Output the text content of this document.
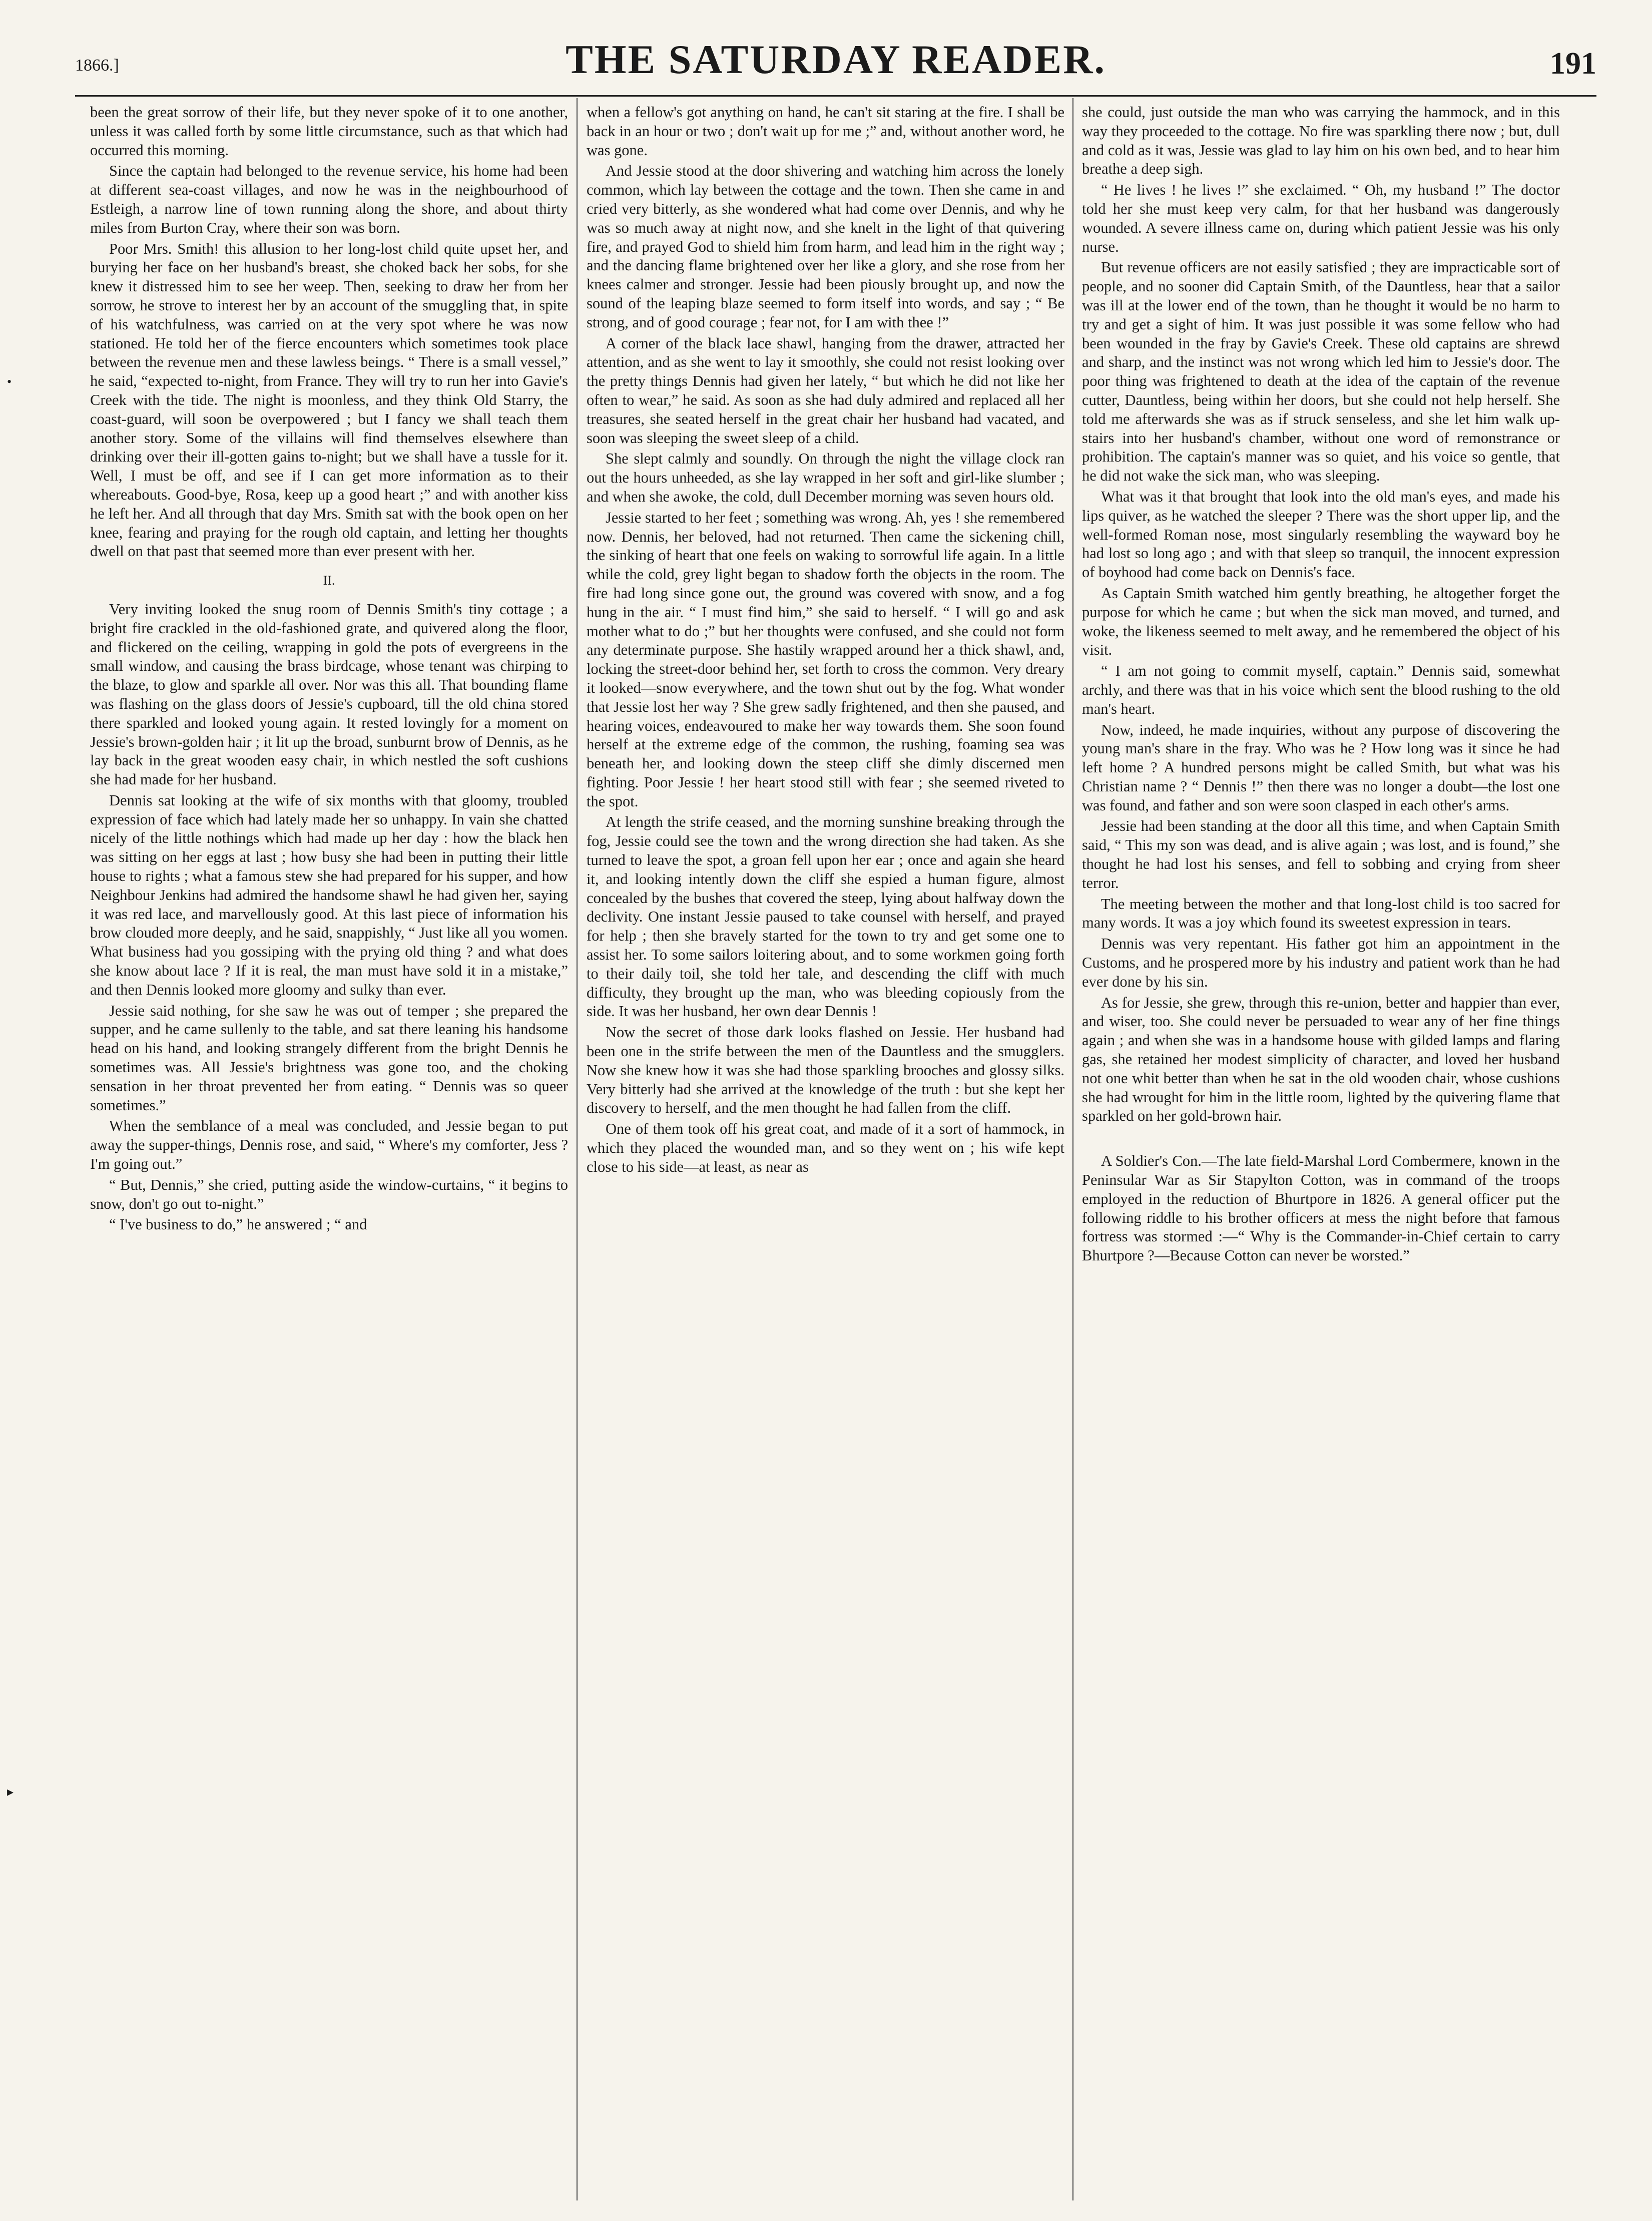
1866.]	THE SATURDAY READER.	191

been the great sorrow of their life, but they never spoke of it to one another, unless it was called forth by some little circumstance, such as that which had occurred this morning.

Since the captain had belonged to the revenue service, his home had been at different sea-coast villages, and now he was in the neighbourhood of Estleigh, a narrow line of town running along the shore, and about thirty miles from Burton Cray, where their son was born.

Poor Mrs. Smith! this allusion to her long-lost child quite upset her, and burying her face on her husband's breast, she choked back her sobs, for she knew it distressed him to see her weep. Then, seeking to draw her from her sorrow, he strove to interest her by an account of the smuggling that, in spite of his watchfulness, was carried on at the very spot where he was now stationed. He told her of the fierce encounters which sometimes took place between the revenue men and these lawless beings. “ There is a small vessel,” he said, “expected to-night, from France. They will try to run her into Gavie's Creek with the tide. The night is moonless, and they think Old Starry, the coast-guard, will soon be overpowered ; but I fancy we shall teach them another story. Some of the villains will find themselves elsewhere than drinking over their ill-gotten gains to-night; but we shall have a tussle for it. Well, I must be off, and see if I can get more information as to their whereabouts. Good-bye, Rosa, keep up a good heart ;” and with another kiss he left her. And all through that day Mrs. Smith sat with the book open on her knee, fearing and praying for the rough old captain, and letting her thoughts dwell on that past that seemed more than ever present with her.

II.

Very inviting looked the snug room of Dennis Smith's tiny cottage ; a bright fire crackled in the old-fashioned grate, and quivered along the floor, and flickered on the ceiling, wrapping in gold the pots of evergreens in the small window, and causing the brass birdcage, whose tenant was chirping to the blaze, to glow and sparkle all over. Nor was this all. That bounding flame was flashing on the glass doors of Jessie's cupboard, till the old china stored there sparkled and looked young again. It rested lovingly for a moment on Jessie's brown-golden hair ; it lit up the broad, sunburnt brow of Dennis, as he lay back in the great wooden easy chair, in which nestled the soft cushions she had made for her husband.

Dennis sat looking at the wife of six months with that gloomy, troubled expression of face which had lately made her so unhappy. In vain she chatted nicely of the little nothings which had made up her day : how the black hen was sitting on her eggs at last ; how busy she had been in putting their little house to rights ; what a famous stew she had prepared for his supper, and how Neighbour Jenkins had admired the handsome shawl he had given her, saying it was red lace, and marvellously good. At this last piece of information his brow clouded more deeply, and he said, snappishly, “ Just like all you women. What business had you gossiping with the prying old thing ? and what does she know about lace ? If it is real, the man must have sold it in a mistake,” and then Dennis looked more gloomy and sulky than ever.

Jessie said nothing, for she saw he was out of temper ; she prepared the supper, and he came sullenly to the table, and sat there leaning his handsome head on his hand, and looking strangely different from the bright Dennis he sometimes was. All Jessie's brightness was gone too, and the choking sensation in her throat prevented her from eating. “ Dennis was so queer sometimes.”

When the semblance of a meal was concluded, and Jessie began to put away the supper-things, Dennis rose, and said, “ Where's my comforter, Jess ? I'm going out.”

“ But, Dennis,” she cried, putting aside the window-curtains, “ it begins to snow, don't go out to-night.”

“ I've business to do,” he answered ; “ and

when a fellow's got anything on hand, he can't sit staring at the fire. I shall be back in an hour or two ; don't wait up for me ;” and, without another word, he was gone.

And Jessie stood at the door shivering and watching him across the lonely common, which lay between the cottage and the town. Then she came in and cried very bitterly, as she wondered what had come over Dennis, and why he was so much away at night now, and she knelt in the light of that quivering fire, and prayed God to shield him from harm, and lead him in the right way ; and the dancing flame brightened over her like a glory, and she rose from her knees calmer and stronger. Jessie had been piously brought up, and now the sound of the leaping blaze seemed to form itself into words, and say ; “ Be strong, and of good courage ; fear not, for I am with thee !”

A corner of the black lace shawl, hanging from the drawer, attracted her attention, and as she went to lay it smoothly, she could not resist looking over the pretty things Dennis had given her lately, “ but which he did not like her often to wear,” he said. As soon as she had duly admired and replaced all her treasures, she seated herself in the great chair her husband had vacated, and soon was sleeping the sweet sleep of a child.

She slept calmly and soundly. On through the night the village clock ran out the hours unheeded, as she lay wrapped in her soft and girl-like slumber ; and when she awoke, the cold, dull December morning was seven hours old.

Jessie started to her feet ; something was wrong. Ah, yes ! she remembered now. Dennis, her beloved, had not returned. Then came the sickening chill, the sinking of heart that one feels on waking to sorrowful life again. In a little while the cold, grey light began to shadow forth the objects in the room. The fire had long since gone out, the ground was covered with snow, and a fog hung in the air. “ I must find him,” she said to herself. “ I will go and ask mother what to do ;” but her thoughts were confused, and she could not form any determinate purpose. She hastily wrapped around her a thick shawl, and, locking the street-door behind her, set forth to cross the common. Very dreary it looked—snow everywhere, and the town shut out by the fog. What wonder that Jessie lost her way ? She grew sadly frightened, and then she paused, and hearing voices, endeavoured to make her way towards them. She soon found herself at the extreme edge of the common, the rushing, foaming sea was beneath her, and looking down the steep cliff she dimly discerned men fighting. Poor Jessie ! her heart stood still with fear ; she seemed riveted to the spot.

At length the strife ceased, and the morning sunshine breaking through the fog, Jessie could see the town and the wrong direction she had taken. As she turned to leave the spot, a groan fell upon her ear ; once and again she heard it, and looking intently down the cliff she espied a human figure, almost concealed by the bushes that covered the steep, lying about halfway down the declivity. One instant Jessie paused to take counsel with herself, and prayed for help ; then she bravely started for the town to try and get some one to assist her. To some sailors loitering about, and to some workmen going forth to their daily toil, she told her tale, and descending the cliff with much difficulty, they brought up the man, who was bleeding copiously from the side. It was her husband, her own dear Dennis !

Now the secret of those dark looks flashed on Jessie. Her husband had been one in the strife between the men of the Dauntless and the smugglers. Now she knew how it was she had those sparkling brooches and glossy silks. Very bitterly had she arrived at the knowledge of the truth : but she kept her discovery to herself, and the men thought he had fallen from the cliff.

One of them took off his great coat, and made of it a sort of hammock, in which they placed the wounded man, and so they went on ; his wife kept close to his side—at least, as near as

she could, just outside the man who was carrying the hammock, and in this way they proceeded to the cottage. No fire was sparkling there now ; but, dull and cold as it was, Jessie was glad to lay him on his own bed, and to hear him breathe a deep sigh.

“ He lives ! he lives !” she exclaimed. “ Oh, my husband !” The doctor told her she must keep very calm, for that her husband was dangerously wounded. A severe illness came on, during which patient Jessie was his only nurse.

But revenue officers are not easily satisfied ; they are impracticable sort of people, and no sooner did Captain Smith, of the Dauntless, hear that a sailor was ill at the lower end of the town, than he thought it would be no harm to try and get a sight of him. It was just possible it was some fellow who had been wounded in the fray by Gavie's Creek. These old captains are shrewd and sharp, and the instinct was not wrong which led him to Jessie's door. The poor thing was frightened to death at the idea of the captain of the revenue cutter, Dauntless, being within her doors, but she could not help herself. She told me afterwards she was as if struck senseless, and she let him walk up-stairs into her husband's chamber, without one word of remonstrance or prohibition. The captain's manner was so quiet, and his voice so gentle, that he did not wake the sick man, who was sleeping.

What was it that brought that look into the old man's eyes, and made his lips quiver, as he watched the sleeper ? There was the short upper lip, and the well-formed Roman nose, most singularly resembling the wayward boy he had lost so long ago ; and with that sleep so tranquil, the innocent expression of boyhood had come back on Dennis's face.

As Captain Smith watched him gently breathing, he altogether forget the purpose for which he came ; but when the sick man moved, and turned, and woke, the likeness seemed to melt away, and he remembered the object of his visit.

“ I am not going to commit myself, captain.” Dennis said, somewhat archly, and there was that in his voice which sent the blood rushing to the old man's heart.

Now, indeed, he made inquiries, without any purpose of discovering the young man's share in the fray. Who was he ? How long was it since he had left home ? A hundred persons might be called Smith, but what was his Christian name ? “ Dennis !” then there was no longer a doubt—the lost one was found, and father and son were soon clasped in each other's arms.

Jessie had been standing at the door all this time, and when Captain Smith said, “ This my son was dead, and is alive again ; was lost, and is found,” she thought he had lost his senses, and fell to sobbing and crying from sheer terror.

The meeting between the mother and that long-lost child is too sacred for many words. It was a joy which found its sweetest expression in tears.

Dennis was very repentant. His father got him an appointment in the Customs, and he prospered more by his industry and patient work than he had ever done by his sin.

As for Jessie, she grew, through this re-union, better and happier than ever, and wiser, too. She could never be persuaded to wear any of her fine things again ; and when she was in a handsome house with gilded lamps and flaring gas, she retained her modest simplicity of character, and loved her husband not one whit better than when he sat in the old wooden chair, whose cushions she had wrought for him in the little room, lighted by the quivering flame that sparkled on her gold-brown hair.

A Soldier's Con.—The late field-Marshal Lord Combermere, known in the Peninsular War as Sir Stapylton Cotton, was in command of the troops employed in the reduction of Bhurtpore in 1826. A general officer put the following riddle to his brother officers at mess the night before that famous fortress was stormed :—“ Why is the Commander-in-Chief certain to carry Bhurtpore ?—Because Cotton can never be worsted.”

•
▸
